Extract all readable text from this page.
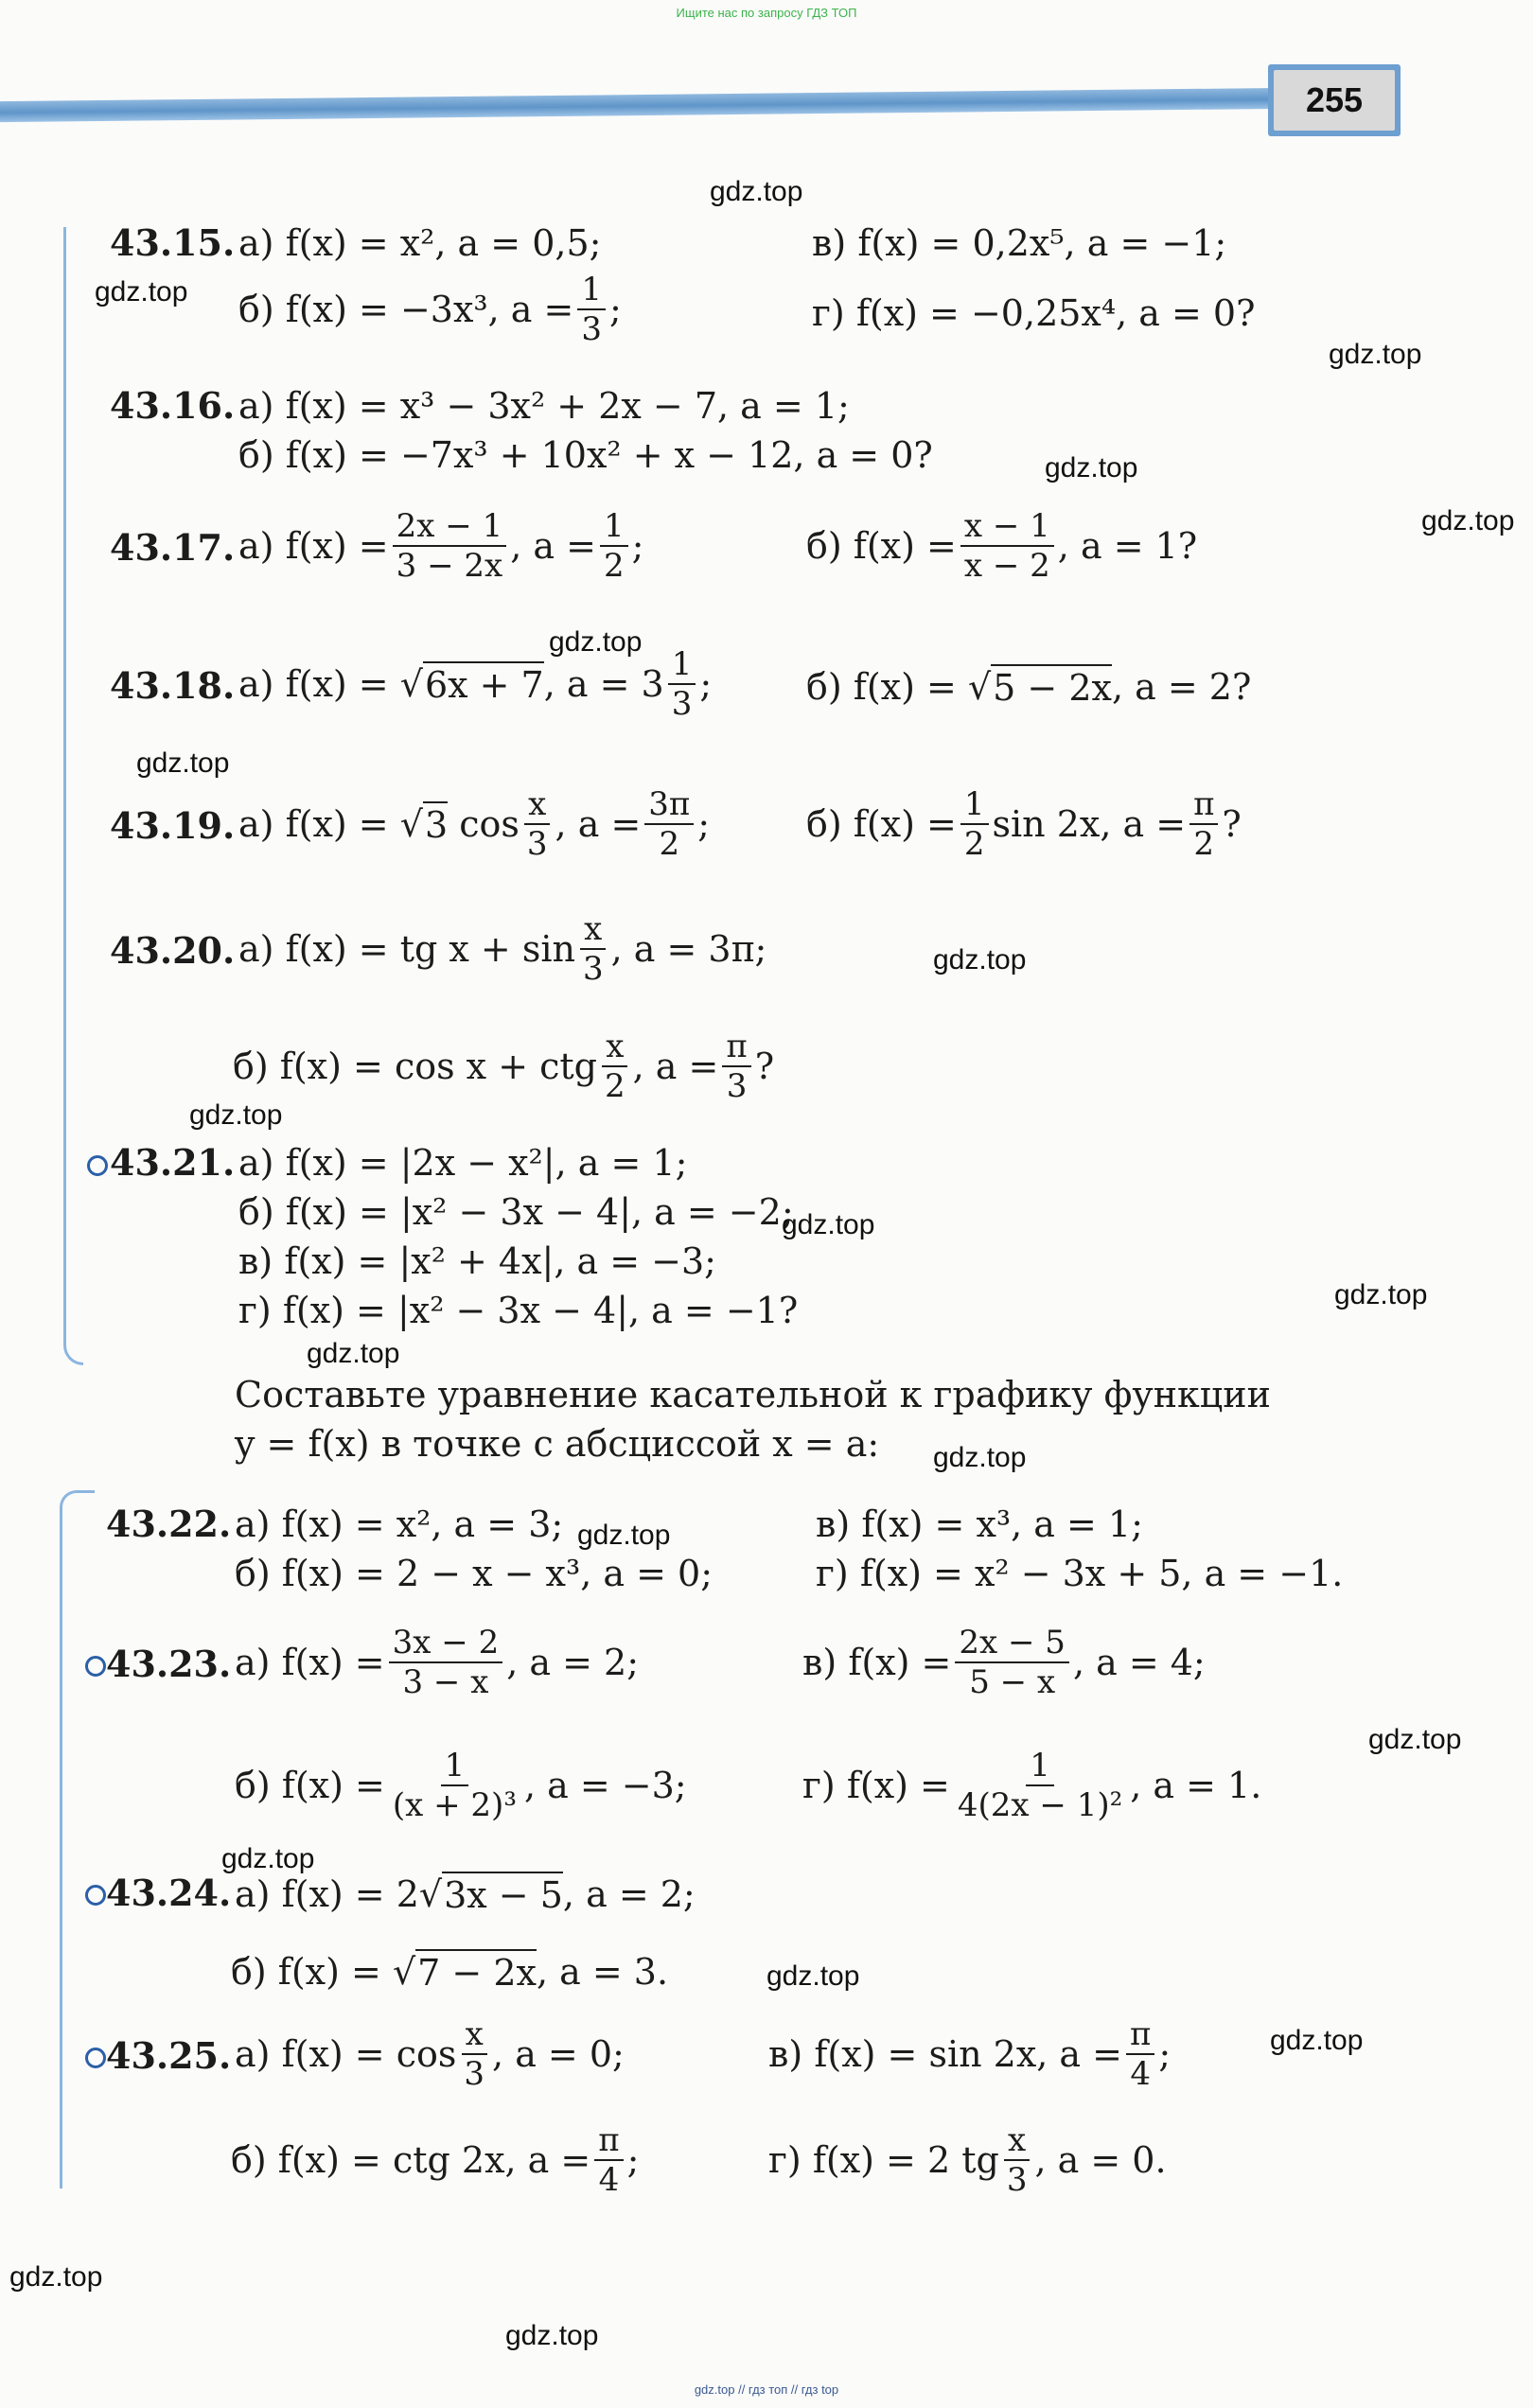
Ищите нас по запросу ГДЗ ТОП
255
43.15. а)
f(x) = x², a = 0,5;	в)
f(x) = 0,2x⁵, a = −1;
б)
f(x) = −3x³, $a = \frac{1}{3}$ ;	г)
f(x) = −0,25x⁴, a = 0?
43.16. а)
f(x) = x³ − 3x² + 2x − 7, a = 1;
б)
f(x) = −7x³ + 10x² + x − 12, a = 0?
43.17. а)
$f(x) = \frac{2x - 1}{3 - 2x}$ , $a = \frac{1}{2}$ ;	б)
$f(x) = \frac{x - 1}{x - 2}$ , a = 1?
43.18. а)
f(x) = √ 6x + 7 , $a = 3 \frac{1}{3}$ ;	б)
f(x) = √ 5 − 2x , a = 2?
43.19. а)
f(x) = √ 3
$\cos \frac{x}{3}$ , $a = \frac{3\pi}{2}$ ;	б)
$f(x) = \frac{1}{2}$ sin 2x, $a = \frac{\pi}{2}$ ?
43.20. а)
f(x) = tg $x + \sin \frac{x}{3}$ , a = 3π;
б)
f(x) = cos x + ctg $\frac{x}{2}$ , $a = \frac{\pi}{3}$ ?
43.21. а)
f(x) = |2x − x²|, a = 1;
б)
f(x) = |x² − 3x − 4|, a = −2;
в)
f(x) = |x² + 4x|, a = −3;
г)
f(x) = |x² − 3x − 4|, a = −1?
Составьте уравнение касательной к графику функции
y = f(x) в точке с абсциссой x = a:
43.22. а)
f(x) = x², a = 3;	в)
f(x) = x³, a = 1;
б)
f(x) = 2 − x − x³, a = 0;	г)
f(x) = x² − 3x + 5, a = −1.
43.23. а)
$f(x) = \frac{3x - 2}{3 - x}$ , a = 2;	в)
$f(x) = \frac{2x - 5}{5 - x}$ , a = 4;
б)
$f(x) = \frac{1}{\text{(x + 2)³}}$ , a = −3;	г)
$f(x) = \frac{1}{\text{4(2x − 1)²}}$ , a = 1.
43.24. а)
f(x) = 2 √ 3x − 5 , a = 2;
б)
f(x) = √ 7 − 2x , a = 3.
43.25. а)
$f(x) = \cos \frac{x}{3}$ , a = 0;	в)
f(x) = sin 2x, $a = \frac{\pi}{4}$ ;
б)
f(x) = ctg 2x, $a = \frac{\pi}{4}$ ;	г)
f(x) = 2 tg $\frac{x}{3}$ , a = 0.
gdz.top
gdz.top
gdz.top
gdz.top
gdz.top
gdz.top
gdz.top
gdz.top
gdz.top
gdz.top
gdz.top
gdz.top
gdz.top
gdz.top
gdz.top
gdz.top
gdz.top
gdz.top
gdz.top
gdz.top
gdz.top // гдз топ // гдз top
